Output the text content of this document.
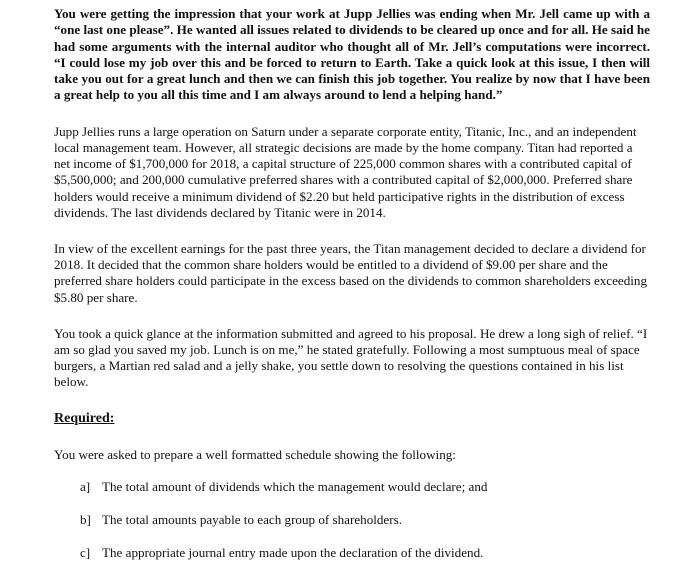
You were getting the impression that your work at Jupp Jellies was ending when Mr. Jell came up with a “one last one please”. He wanted all issues related to dividends to be cleared up once and for all. He said he had some arguments with the internal auditor who thought all of Mr. Jell’s computations were incorrect. “I could lose my job over this and be forced to return to Earth. Take a quick look at this issue, I then will take you out for a great lunch and then we can finish this job together. You realize by now that I have been a great help to you all this time and I am always around to lend a helping hand.”

Jupp Jellies runs a large operation on Saturn under a separate corporate entity, Titanic, Inc., and an independent local management team. However, all strategic decisions are made by the home company. Titan had reported a net income of $1,700,000 for 2018, a capital structure of 225,000 common shares with a contributed capital of $5,500,000; and 200,000 cumulative preferred shares with a contributed capital of $2,000,000. Preferred share holders would receive a minimum dividend of $2.20 but held participative rights in the distribution of excess dividends. The last dividends declared by Titanic were in 2014.

In view of the excellent earnings for the past three years, the Titan management decided to declare a dividend for 2018. It decided that the common share holders would be entitled to a dividend of $9.00 per share and the preferred share holders could participate in the excess based on the dividends to common shareholders exceeding $5.80 per share.

You took a quick glance at the information submitted and agreed to his proposal. He drew a long sigh of relief. “I am so glad you saved my job. Lunch is on me,” he stated gratefully. Following a most sumptuous meal of space burgers, a Martian red salad and a jelly shake, you settle down to resolving the questions contained in his list below.

Required:

You were asked to prepare a well formatted schedule showing the following:

a] The total amount of dividends which the management would declare; and

b] The total amounts payable to each group of shareholders.

c] The appropriate journal entry made upon the declaration of the dividend.
